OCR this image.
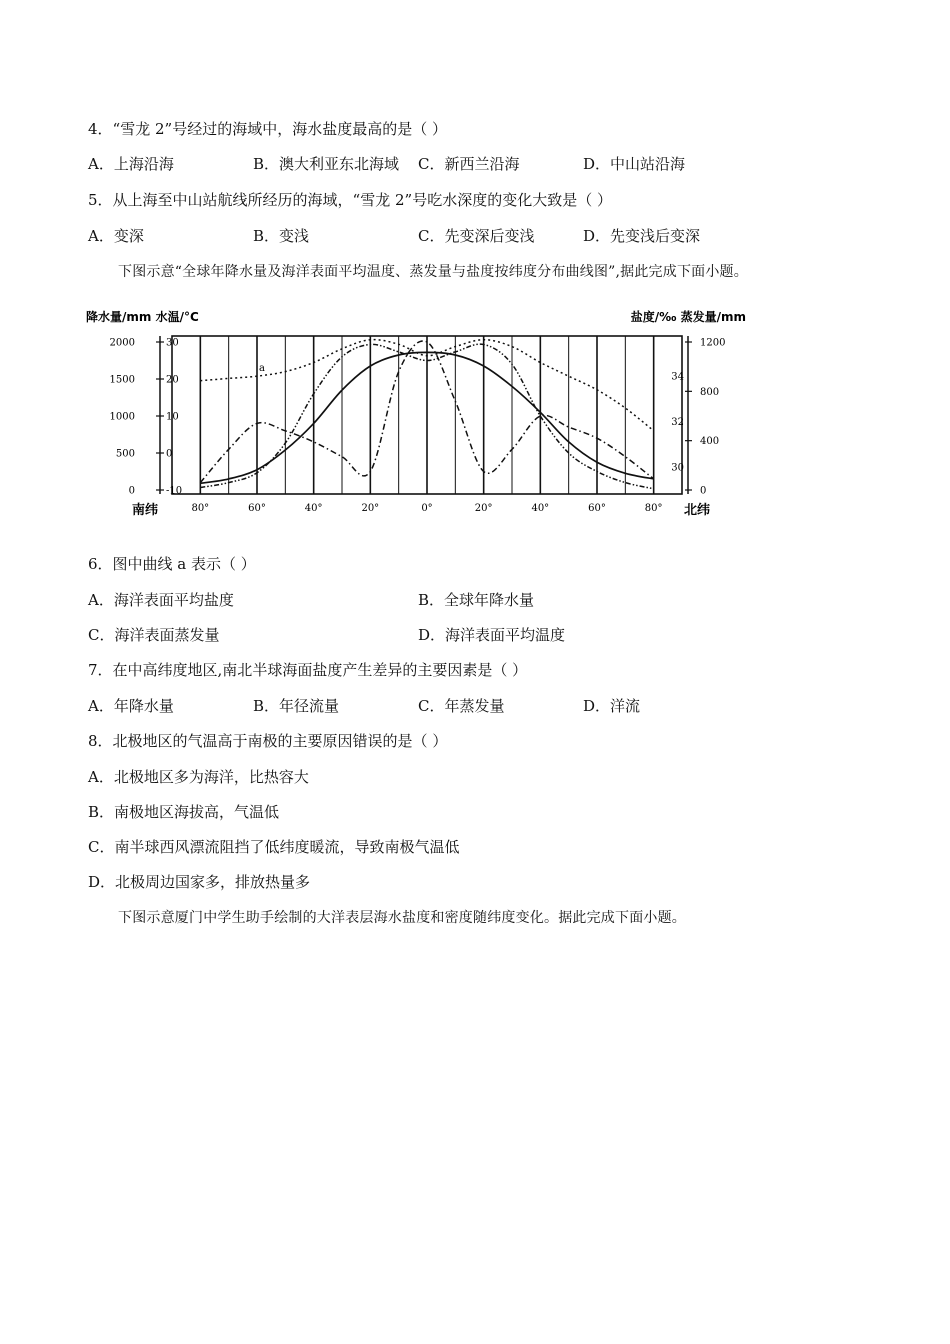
4．“雪龙 2”号经过的海域中，海水盐度最高的是（ ）
A．上海沿海	B．澳大利亚东北海域 C．新西兰沿海	D．中山站沿海
5．从上海至中山站航线所经历的海域，“雪龙 2”号吃水深度的变化大致是（ ）
A．变深	B．变浅	C．先变深后变浅	D．先变浅后变深
下图示意“全球年降水量及海洋表面平均温度、蒸发量与盐度按纬度分布曲线图”,据此完成下面小题。
降水量/mm 水温/°C	盐度/‰ 蒸发量/mm
2000
1500
1000
500
0
30
20
10
0
-10
34
32
30
1200
800
400
0
80°	60°	40°	20°	0°	20°	40°	60°	80°
南纬	北纬
a
6．图中曲线 a 表示（ ）
A．海洋表面平均盐度	B．全球年降水量
C．海洋表面蒸发量	D．海洋表面平均温度
7．在中高纬度地区,南北半球海面盐度产生差异的主要因素是（ ）
A．年降水量	B．年径流量	C．年蒸发量	D．洋流
8．北极地区的气温高于南极的主要原因错误的是（ ）
A．北极地区多为海洋，比热容大
B．南极地区海拔高，气温低
C．南半球西风漂流阻挡了低纬度暖流，导致南极气温低
D．北极周边国家多，排放热量多
下图示意厦门中学生助手绘制的大洋表层海水盐度和密度随纬度变化。据此完成下面小题。
